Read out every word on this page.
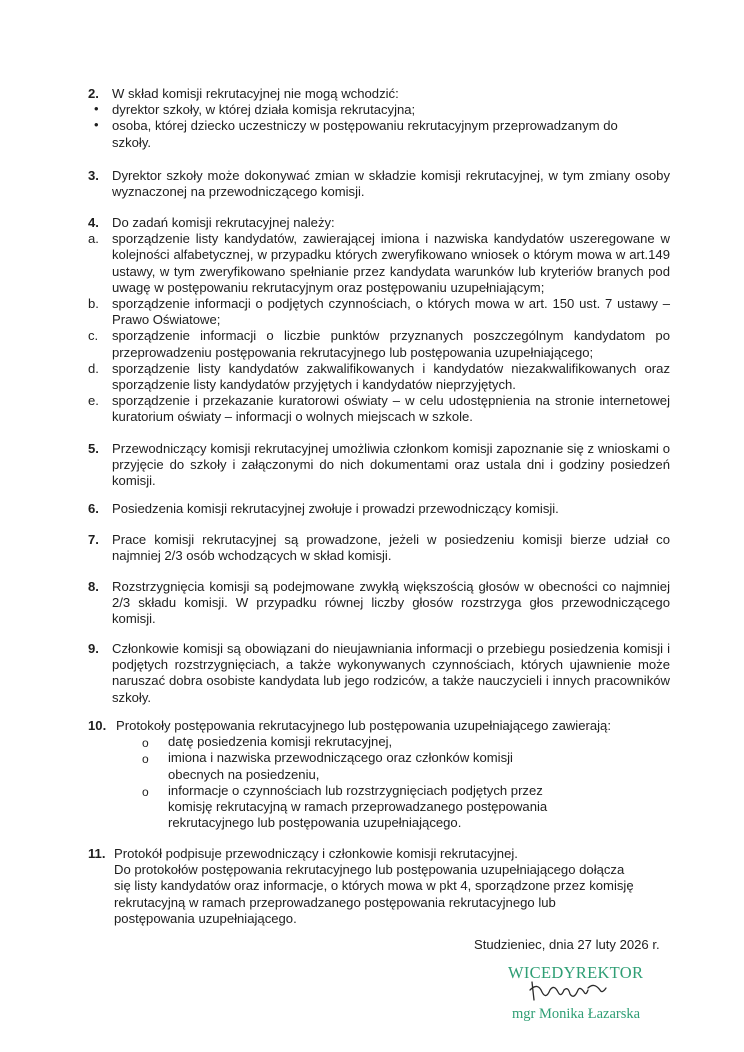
2. W skład komisji rekrutacyjnej nie mogą wchodzić:
• dyrektor szkoły, w której działa komisja rekrutacyjna;
• osoba, której dziecko uczestniczy w postępowaniu rekrutacyjnym przeprowadzanym do szkoły.
3. Dyrektor szkoły może dokonywać zmian w składzie komisji rekrutacyjnej, w tym zmiany osoby wyznaczonej na przewodniczącego komisji.
4. Do zadań komisji rekrutacyjnej należy:
a. sporządzenie listy kandydatów, zawierającej imiona i nazwiska kandydatów uszeregowane w kolejności alfabetycznej, w przypadku których zweryfikowano wniosek o którym mowa w art.149 ustawy, w tym zweryfikowano spełnianie przez kandydata warunków lub kryteriów branych pod uwagę w postępowaniu rekrutacyjnym oraz postępowaniu uzupełniającym;
b. sporządzenie informacji o podjętych czynnościach, o których mowa w art. 150 ust. 7 ustawy – Prawo Oświatowe;
c. sporządzenie informacji o liczbie punktów przyznanych poszczególnym kandydatom po przeprowadzeniu postępowania rekrutacyjnego lub postępowania uzupełniającego;
d. sporządzenie listy kandydatów zakwalifikowanych i kandydatów niezakwalifikowanych oraz sporządzenie listy kandydatów przyjętych i kandydatów nieprzyjętych.
e. sporządzenie i przekazanie kuratorowi oświaty – w celu udostępnienia na stronie internetowej kuratorium oświaty – informacji o wolnych miejscach w szkole.
5. Przewodniczący komisji rekrutacyjnej umożliwia członkom komisji zapoznanie się z wnioskami o przyjęcie do szkoły i załączonymi do nich dokumentami oraz ustala dni i godziny posiedzeń komisji.
6. Posiedzenia komisji rekrutacyjnej zwołuje i prowadzi przewodniczący komisji.
7. Prace komisji rekrutacyjnej są prowadzone, jeżeli w posiedzeniu komisji bierze udział co najmniej 2/3 osób wchodzących w skład komisji.
8. Rozstrzygnięcia komisji są podejmowane zwykłą większością głosów w obecności co najmniej 2/3 składu komisji. W przypadku równej liczby głosów rozstrzyga głos przewodniczącego komisji.
9. Członkowie komisji są obowiązani do nieujawniania informacji o przebiegu posiedzenia komisji i podjętych rozstrzygnięciach, a także wykonywanych czynnościach, których ujawnienie może naruszać dobra osobiste kandydata lub jego rodziców, a także nauczycieli i innych pracowników szkoły.
10. Protokoły postępowania rekrutacyjnego lub postępowania uzupełniającego zawierają:
o datę posiedzenia komisji rekrutacyjnej,
o imiona i nazwiska przewodniczącego oraz członków komisji obecnych na posiedzeniu,
o informacje o czynnościach lub rozstrzygnięciach podjętych przez komisję rekrutacyjną w ramach przeprowadzanego postępowania rekrutacyjnego lub postępowania uzupełniającego.
11. Protokół podpisuje przewodniczący i członkowie komisji rekrutacyjnej.
Do protokołów postępowania rekrutacyjnego lub postępowania uzupełniającego dołącza się listy kandydatów oraz informacje, o których mowa w pkt 4, sporządzone przez komisję rekrutacyjną w ramach przeprowadzanego postępowania rekrutacyjnego lub postępowania uzupełniającego.
Studzieniec, dnia 27 luty 2026 r.
WICEDYREKTOR
mgr Monika Łazarska
